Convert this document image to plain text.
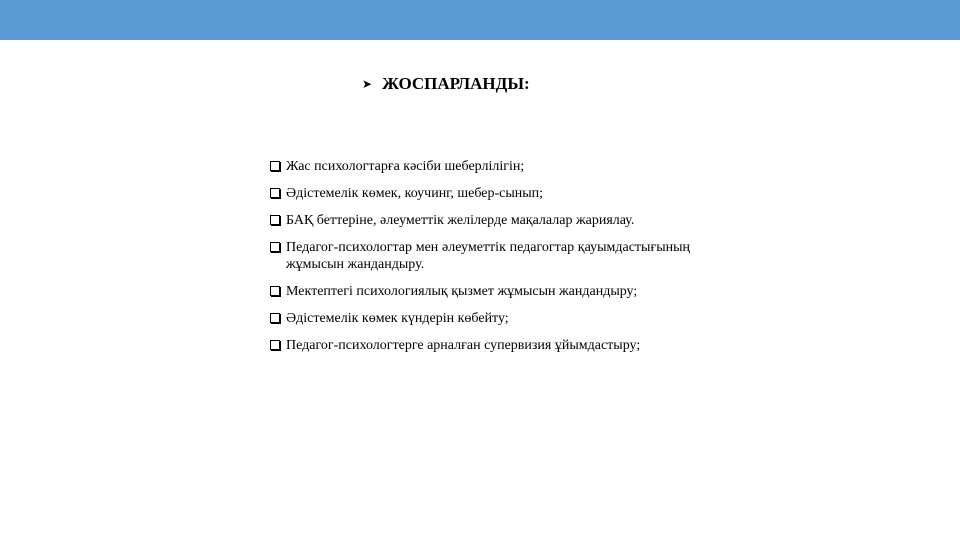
➤ ЖОСПАРЛАНДЫ:
Жас психологтарға кәсіби шеберлілігін;
Әдістемелік көмек, коучинг, шебер-сынып;
БАҚ беттеріне, әлеуметтік желілерде мақалалар жариялау.
Педагог-психологтар мен әлеуметтік педагогтар қауымдастығының жұмысын жандандыру.
Мектептегі психологиялық қызмет жұмысын жандандыру;
Әдістемелік көмек күндерін көбейту;
Педагог-психологтерге арналған супервизия ұйымдастыру;
